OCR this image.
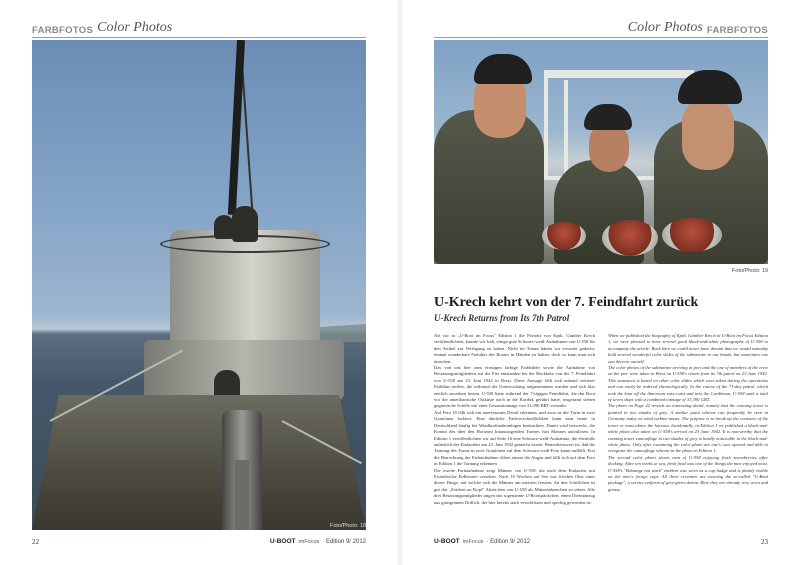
FARBFOTOS Color Photos
Foto/Photo: 18
22	U-BOOT imFocus · Edition 9/ 2012
Color Photos FARBFOTOS
Foto/Photo: 19
U-Krech kehrt von der 7. Feindfahrt zurück
U-Krech Returns from Its 7th Patrol

Als wir in „U-Boot im Focus" Edition 1 die Porträts von Kptlt. Günther Krech veröffentlichten, konnte wir froh, einige gute Schwarz-weiß-Aufnahmen von U-558 für den Artikel zur Verfügung zu haben. Nicht im Traum hätten wir erwartet gedacht, einmal wunderbare Farbdias des Bootes in Händen zu halten, doch so kann man sich täuschen.

Das von uns hier zum einstigen farbige Farbbilder sowie die Aufnahme von Besatzungsmitgliedern auf der Pier entstanden bei der Rückkehr von der 7. Feindfahrt von U-558 am 23. Juni 1942 in Brest. Diese Aussage fällt sich anhand weiterer Farbdias treffen, die während der Untersuchung aufgenommen wurden und sich klar zeitlich zuordnen lassen. U-558 hatte während der 7-tägigen Feindfahrt, die das Boot vor die amerikanische Ostküste nach in die Karibik geführt hatte, insgesamt sieben gegnerische Schiffe mit einer Gesamttonnage von 33,390 BRT versenkt.

Auf Foto 18 fällt sich ein interessantes Detail erkennen, und zwar ist der Turm in zwei Grautönen lackiert. Eine ähnliche Farbverschiedlichkeit kann man heute in Deutschland häufig bei Windkraftinderanlagen beobachten. Damit wird bezweckt, die Kontur des über den Horizont hinausragenden Turmes fürs Mannes aufzulösen. In Edition 1 veröffentlichten wir auf Seite 16 eine Schwarz-weiß-Aufnahme, die ebenfalls anlässlich des Einlaufens am 23. Juni 1942 gemacht wurde. Bemerkenswert ist, daß die Tarnung des Turms in zwei Grautönen auf dem Schwarz-weiß-Foto kaum auffällt. Erst die Betrachtung der Farbaufnahme öffnet einem die Augen und fällt sich auf dem Foto in Edition 1 die Tarnung erkennen.

Die zweite Farbaufnahme zeigt Männer von U-558, die nach dem Einlaufen mit Eisenfrische Erdbeeren versehen. Nach 10 Wochen auf See war frisches Obst eines dieser Dinge, auf welche sich die Männer am meisten freuten. An den Schiffchen ist gut das „Zeichen an Kopf" Abzeichen von U-558 als Mützenabzeichen zu sehen. Alle drei Besatzungsmitglieder tragen das sogenannte U-Bootspäckchen, einen Dienstanzug aus grüngrünem Drillich, der hier bereits stark verschlissen und speckig geworden ist.

When we published the biography of Kptlt. Günther Krech in U-Boot im Focus Edition 1, we were pleased to have several good black-and-white photographs of U-558 to accompany the article. Back then we could never have dreamt that we would someday hold several wonderful color slides of the submarine in our hands, but sometimes one can deceive oneself.

The color photos of the submarine arriving in port and the one of members of the crew on the pier were taken in Brest on U-558's return from its 7th patrol on 23 June 1942. This statement is based on other color slides which were taken during the operations and can easily be ordered chronologically. In the course of the 71-day patrol, which took the boat off the American east coast and into the Caribbean, U-558 sank a total of seven ships with a combined tonnage of 33,390 GRT.

The photo on Page 22 reveals an interesting detail, namely that the conning tower is painted in two shades of grey. A similar paint scheme can frequently be seen in Germany today on wind turbine masts. The purpose is to break up the contours of the tower or mast above the horizon. Incidentally, in Edition 1 we published a black-and-white photo also taken on U-558's arrival on 23 June 1942. It is noteworthy that the conning tower camouflage in two shades of grey is hardly noticeable in the black-and-white photo. Only after examining the color photo are one's eyes opened and able to recognize the camouflage scheme in the photo in Edition 1.

The second color photo shows men of U-558 enjoying fresh strawberries after docking. After ten weeks at sea, fresh food was one of the things the men enjoyed most. U-558's "Bolzange mit stark" emblem was worn as a cap badge and is plainly visible on the men's forage caps. All three crewmen are wearing the so-called "U-Boat package", a service uniform of grey-green denim. Here they are already very worn and greasy.

U-BOOT imFocus · Edition 9/ 2012	23
